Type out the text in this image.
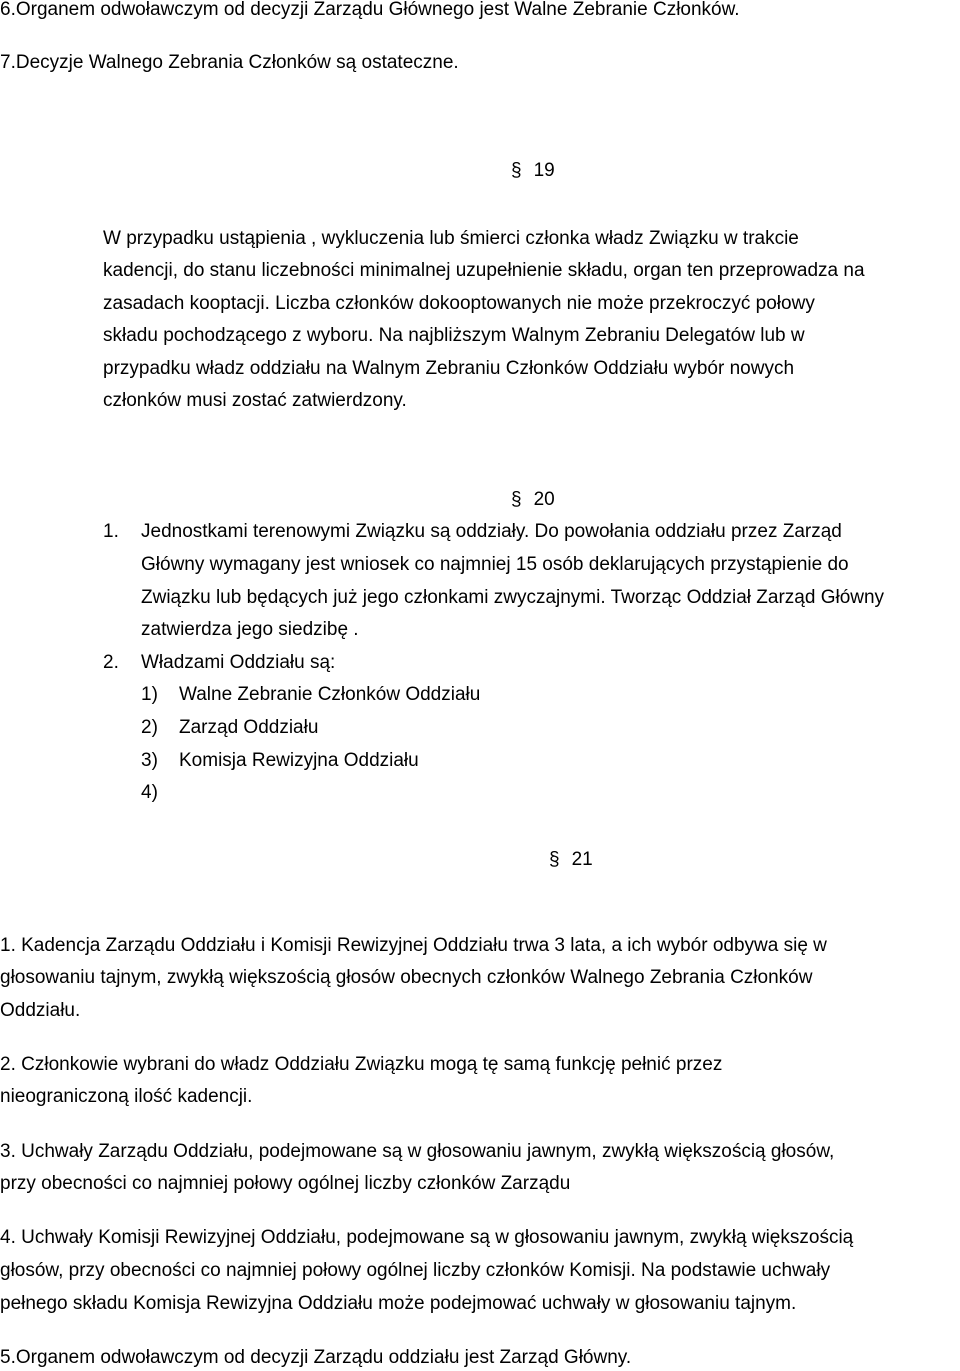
6.Organem odwoławczym od decyzji Zarządu Głównego jest Walne Zebranie Członków.
7.Decyzje Walnego Zebrania Członków są ostateczne.
§ 19
W przypadku ustąpienia , wykluczenia lub śmierci członka władz Związku w trakcie
kadencji, do stanu liczebności minimalnej uzupełnienie składu, organ ten przeprowadza na
zasadach kooptacji. Liczba członków dokooptowanych nie może przekroczyć połowy
składu pochodzącego z wyboru. Na najbliższym Walnym Zebraniu Delegatów lub w
przypadku władz oddziału na Walnym Zebraniu Członków Oddziału wybór nowych
członków musi zostać zatwierdzony.
§ 20
1. Jednostkami terenowymi Związku są oddziały. Do powołania oddziału przez Zarząd
Główny wymagany jest wniosek co najmniej 15 osób deklarujących przystąpienie do
Związku lub będących już jego członkami zwyczajnymi. Tworząc Oddział Zarząd Główny
zatwierdza jego siedzibę .
2. Władzami Oddziału są:
1) Walne Zebranie Członków Oddziału
2) Zarząd Oddziału
3) Komisja Rewizyjna Oddziału
4)
§ 21
1. Kadencja Zarządu Oddziału i Komisji Rewizyjnej Oddziału trwa 3 lata, a ich wybór odbywa się w
głosowaniu tajnym, zwykłą większością głosów obecnych członków Walnego Zebrania Członków
Oddziału.
2. Członkowie wybrani do władz Oddziału Związku mogą tę samą funkcję pełnić przez
nieograniczoną ilość kadencji.
3. Uchwały Zarządu Oddziału, podejmowane są w głosowaniu jawnym, zwykłą większością głosów,
przy obecności co najmniej połowy ogólnej liczby członków Zarządu
4. Uchwały Komisji Rewizyjnej Oddziału, podejmowane są w głosowaniu jawnym, zwykłą większością
głosów, przy obecności co najmniej połowy ogólnej liczby członków Komisji. Na podstawie uchwały
pełnego składu Komisja Rewizyjna Oddziału może podejmować uchwały w głosowaniu tajnym.
5.Organem odwoławczym od decyzji Zarządu oddziału jest Zarząd Główny.
